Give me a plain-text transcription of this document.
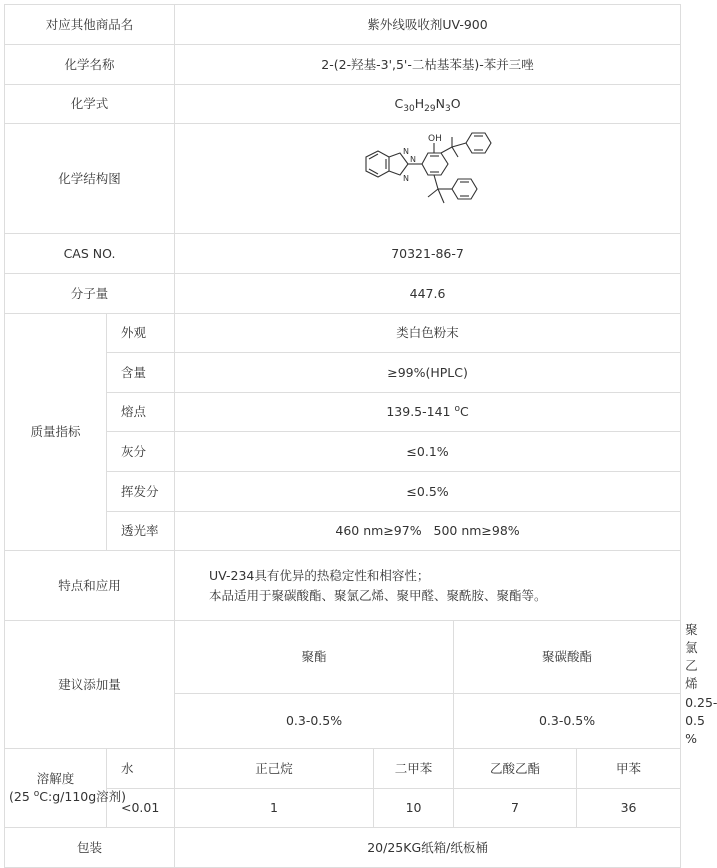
对应其他商品名		紫外线吸收剂UV-900				
化学名称		2-(2-羟基-3',5'-二枯基苯基)-苯并三唑				
化学式		$C_{30}H_{29}N_3O$				
化学结构图		OH
N
N
N				

CAS NO.		70321-86-7				
分子量		447.6				
质量指标	外观	类白色粉末				
	含量	≥99%(HPLC)				
	熔点	139.5-141 $^o$C				
	灰分	≤0.1%				
	挥发分	≤0.5%				
	透光率	460 nm≥97%   500 nm≥98%				
特点和应用		UV-234具有优异的热稳定性和相容性；
本品适用于聚碳酸酯、聚氯乙烯、聚甲醛、聚酰胺、聚酯等。				

建议添加量		聚酯		聚碳酸酯		聚氯乙烯
		0.3-0.5%		0.3-0.5%		0.25-0.5 %

溶解度
(25 $^o$C:g/110g溶剂)	水	正己烷	二甲苯	乙酸乙酯	甲苯	
	<0.01	1	10	7	36	
包装		20/25KG纸箱/纸板桶				
